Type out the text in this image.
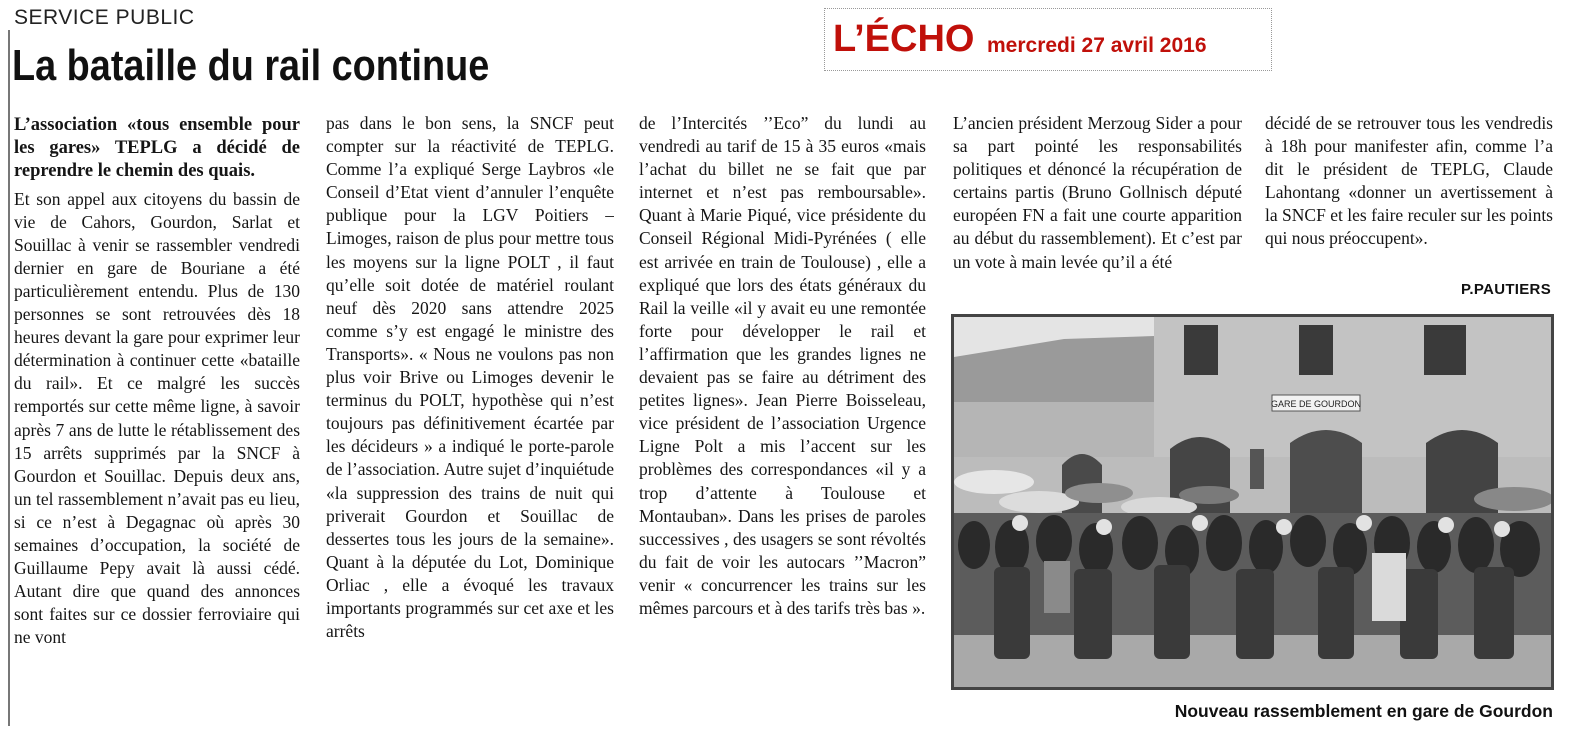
SERVICE PUBLIC
La bataille du rail continue
L’ÉCHO mercredi 27 avril 2016

L’association «tous ensemble pour les gares» TEPLG a décidé de reprendre le chemin des quais.

Et son appel aux citoyens du bassin de vie de Cahors, Gourdon, Sarlat et Souillac à venir se rassembler vendredi dernier en gare de Bouriane a été particulièrement entendu. Plus de 130 personnes se sont retrouvées dès 18 heures devant la gare pour exprimer leur détermination à continuer cette «bataille du rail». Et ce malgré les succès remportés sur cette même ligne, à savoir après 7 ans de lutte le rétablissement des 15 arrêts supprimés par la SNCF à Gourdon et Souillac. Depuis deux ans, un tel rassemblement n’avait pas eu lieu, si ce n’est à Degagnac où après 30 semaines d’occupation, la société de Guillaume Pepy avait là aussi cédé. Autant dire que quand des annonces sont faites sur ce dossier ferroviaire qui ne vont

pas dans le bon sens, la SNCF peut compter sur la réactivité de TEPLG. Comme l’a expliqué Serge Laybros «le Conseil d’Etat vient d’annuler l’enquête publique pour la LGV Poitiers –Limoges, raison de plus pour mettre tous les moyens sur la ligne POLT , il faut qu’elle soit dotée de matériel roulant neuf dès 2020 sans attendre 2025 comme s’y est engagé le ministre des Transports». « Nous ne voulons pas non plus voir Brive ou Limoges devenir le terminus du POLT, hypothèse qui n’est toujours pas définitivement écartée par les décideurs » a indiqué le porte-parole de l’association. Autre sujet d’inquiétude «la suppression des trains de nuit qui priverait Gourdon et Souillac de dessertes tous les jours de la semaine». Quant à la députée du Lot, Dominique Orliac , elle a évoqué les travaux importants programmés sur cet axe et les arrêts

de l’Intercités ’’Eco” du lundi au vendredi au tarif de 15 à 35 euros «mais l’achat du billet ne se fait que par internet et n’est pas remboursable». Quant à Marie Piqué, vice présidente du Conseil Régional Midi-Pyrénées ( elle est arrivée en train de Toulouse) , elle a expliqué que lors des états généraux du Rail la veille «il y avait eu une remontée forte pour développer le rail et l’affirmation que les grandes lignes ne devaient pas se faire au détriment des petites lignes». Jean Pierre Boisseleau, vice président de l’association Urgence Ligne Polt a mis l’accent sur les problèmes des correspondances «il y a trop d’attente à Toulouse et Montauban». Dans les prises de paroles successives , des usagers se sont révoltés du fait de voir les autocars ’’Macron” venir « concurrencer les trains sur les mêmes parcours et à des tarifs très bas ».

L’ancien président Merzoug Sider a pour sa part pointé les responsabilités politiques et dénoncé la récupération de certains partis (Bruno Gollnisch député européen FN a fait une courte apparition au début du rassemblement). Et c’est par un vote à main levée qu’il a été

décidé de se retrouver tous les vendredis à 18h pour manifester afin, comme l’a dit le président de TEPLG, Claude Lahontang «donner un avertissement à la SNCF et les faire reculer sur les points qui nous préoccupent».

P.PAUTIERS
GARE DE GOURDON
Nouveau rassemblement en gare de Gourdon
